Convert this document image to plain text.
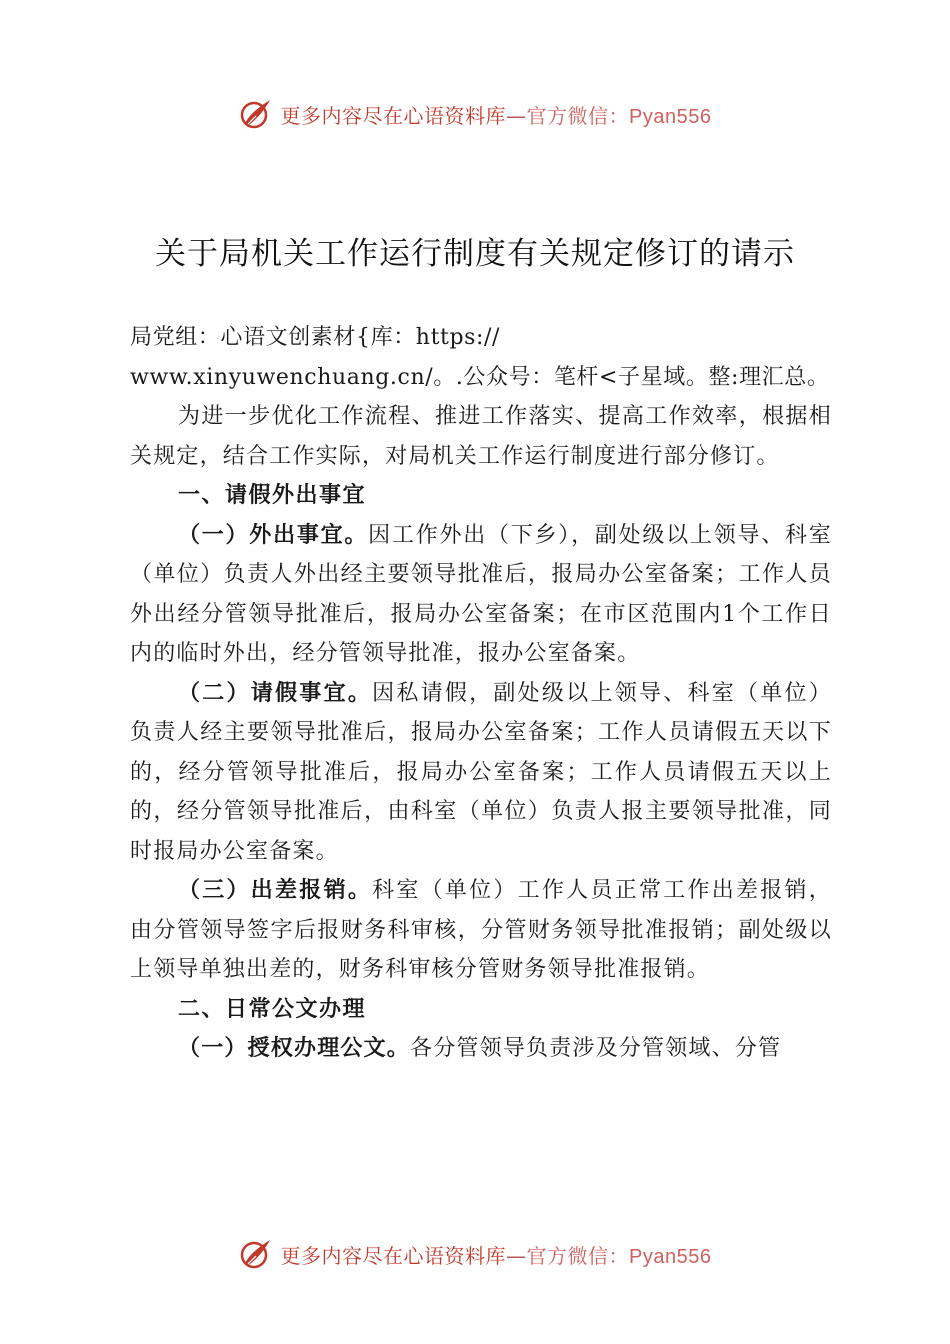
更多内容尽在心语资料库—官方微信：Pyan556
关于局机关工作运行制度有关规定修订的请示

局党组：心语文创素材{库：https://

www.xinyuwenchuang.cn/。.公众号：笔杆<子星域。整:理汇总。

为进一步优化工作流程、推进工作落实、提高工作效率，根据相关规定，结合工作实际，对局机关工作运行制度进行部分修订。

一、请假外出事宜

（一）外出事宜。因工作外出（下乡），副处级以上领导、科室（单位）负责人外出经主要领导批准后，报局办公室备案；工作人员外出经分管领导批准后，报局办公室备案；在市区范围内1个工作日内的临时外出，经分管领导批准，报办公室备案。

（二）请假事宜。因私请假，副处级以上领导、科室（单位） 负责人经主要领导批准后，报局办公室备案；工作人员请假五天以下的，经分管领导批准后，报局办公室备案；工作人员请假五天以上的，经分管领导批准后，由科室（单位）负责人报主要领导批准，同时报局办公室备案。

（三）出差报销。科室（单位）工作人员正常工作出差报销， 由分管领导签字后报财务科审核，分管财务领导批准报销；副处级以上领导单独出差的，财务科审核分管财务领导批准报销。

二、日常公文办理

（一）授权办理公文。各分管领导负责涉及分管领域、分管

更多内容尽在心语资料库—官方微信：Pyan556
